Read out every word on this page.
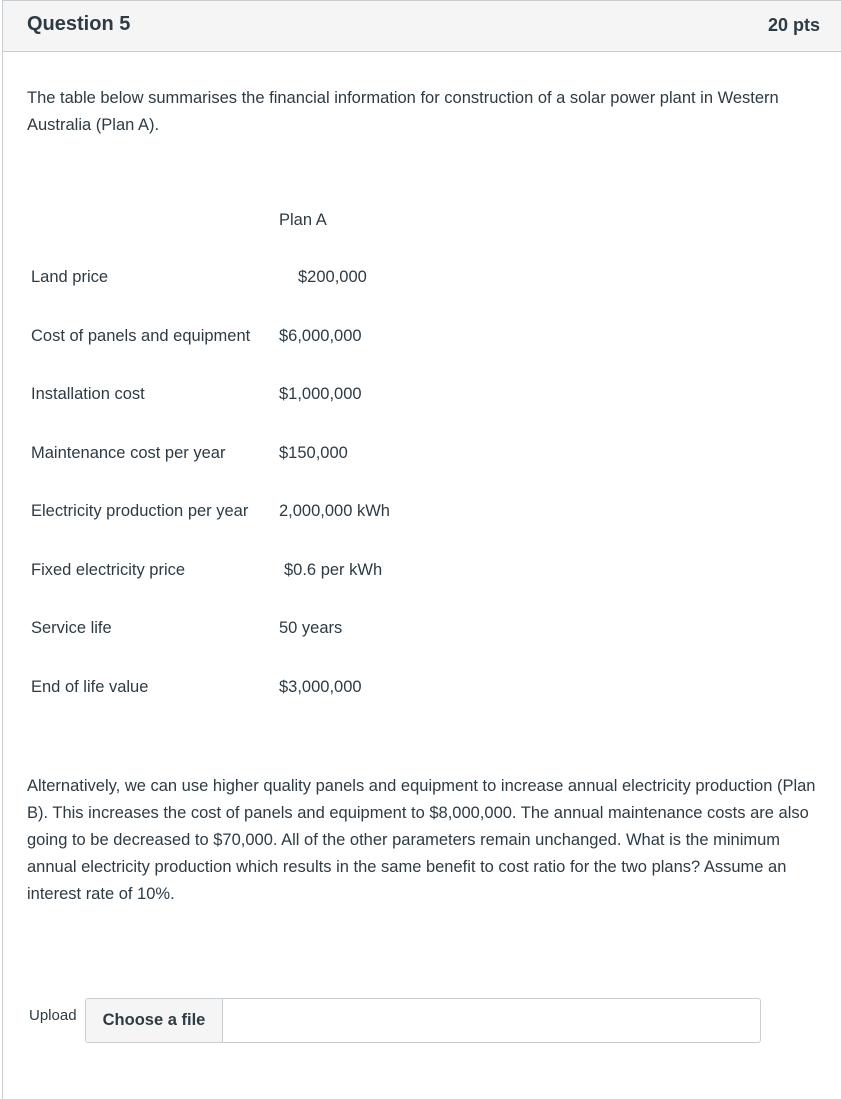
Question 5	20 pts
The table below summarises the financial information for construction of a solar power plant in Western Australia (Plan A).
Plan A
Land price	$200,000
Cost of panels and equipment $6,000,000
Installation cost	$1,000,000
Maintenance cost per year	$150,000
Electricity production per year 2,000,000 kWh
Fixed electricity price	$0.6 per kWh
Service life	50 years
End of life value	$3,000,000
Alternatively, we can use higher quality panels and equipment to increase annual electricity production (Plan B). This increases the cost of panels and equipment to $8,000,000. The annual maintenance costs are also going to be decreased to $70,000. All of the other parameters remain unchanged. What is the minimum annual electricity production which results in the same benefit to cost ratio for the two plans? Assume an interest rate of 10%.
Upload	Choose a file
